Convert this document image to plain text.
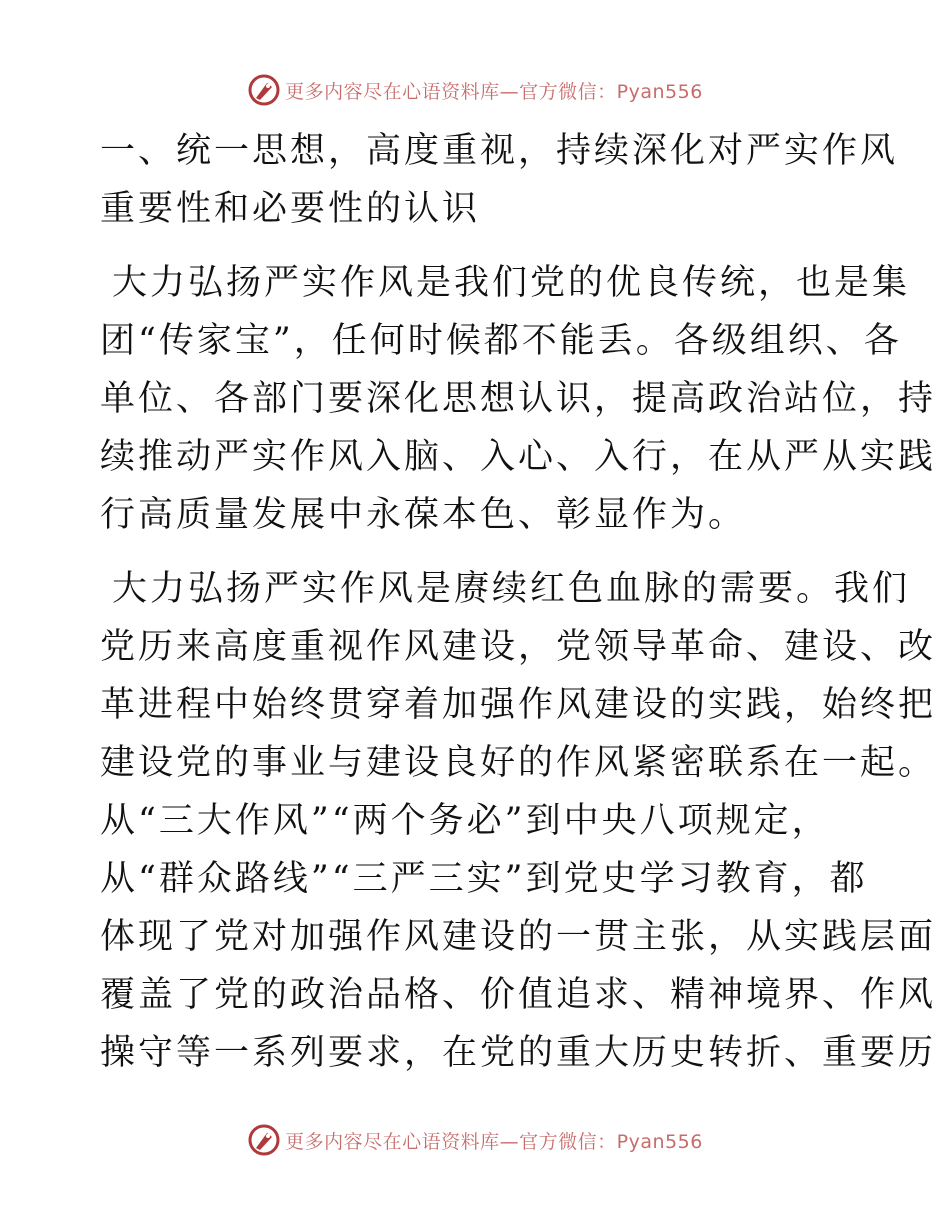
更多内容尽在心语资料库—官方微信：Pyan556

一、统一思想，高度重视，持续深化对严实作风

重要性和必要性的认识

大力弘扬严实作风是我们党的优良传统，也是集

团“传家宝”，任何时候都不能丢。各级组织、各

单位、各部门要深化思想认识，提高政治站位，持

续推动严实作风入脑、入心、入行，在从严从实践

行高质量发展中永葆本色、彰显作为。

大力弘扬严实作风是赓续红色血脉的需要。我们

党历来高度重视作风建设，党领导革命、建设、改

革进程中始终贯穿着加强作风建设的实践，始终把

建设党的事业与建设良好的作风紧密联系在一起。

从“三大作风”“两个务必”到中央八项规定，

从“群众路线”“三严三实”到党史学习教育，都

体现了党对加强作风建设的一贯主张，从实践层面

覆盖了党的政治品格、价值追求、精神境界、作风

操守等一系列要求，在党的重大历史转折、重要历

更多内容尽在心语资料库—官方微信：Pyan556
